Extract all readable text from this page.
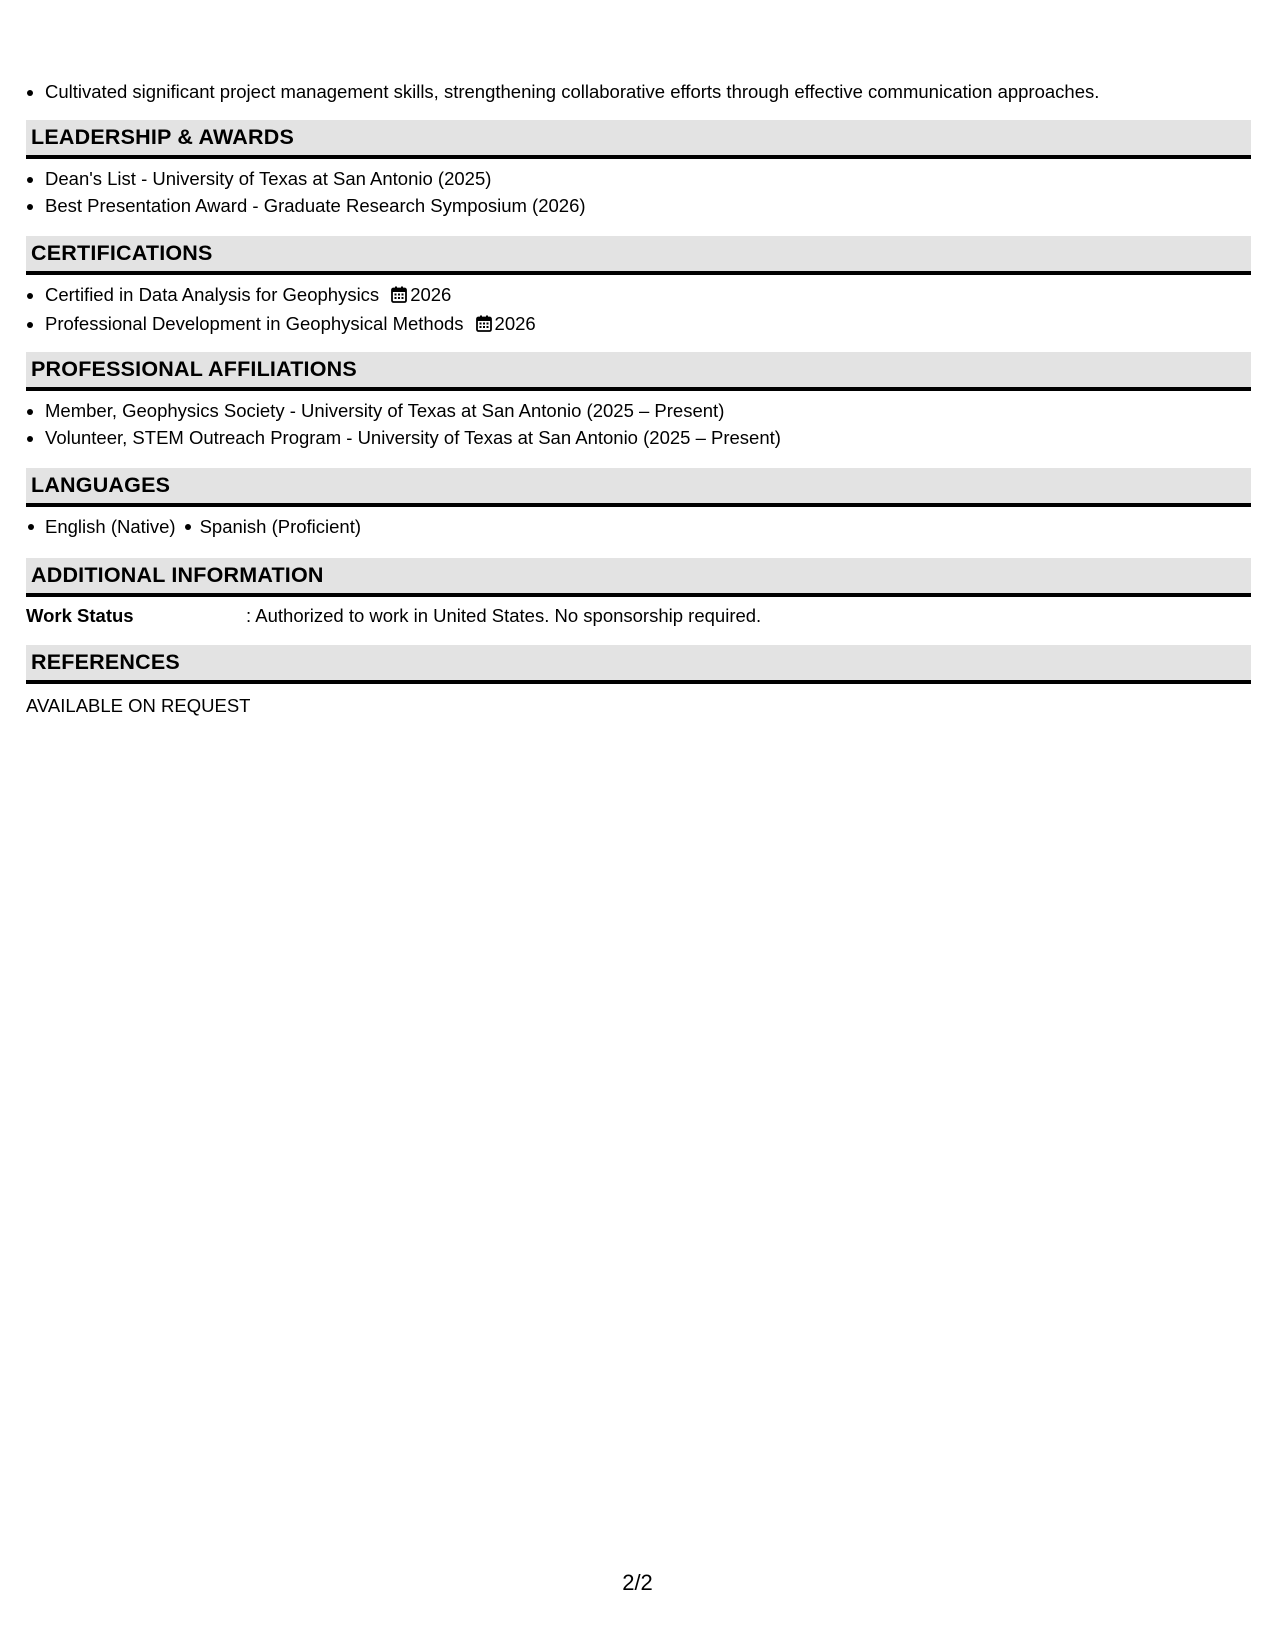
• Cultivated significant project management skills, strengthening collaborative efforts through effective communication approaches.
LEADERSHIP & AWARDS
• Dean's List - University of Texas at San Antonio (2025)
• Best Presentation Award - Graduate Research Symposium (2026)
CERTIFICATIONS
• Certified in Data Analysis for Geophysics 2026
• Professional Development in Geophysical Methods 2026
PROFESSIONAL AFFILIATIONS
• Member, Geophysics Society - University of Texas at San Antonio (2025 – Present)
• Volunteer, STEM Outreach Program - University of Texas at San Antonio (2025 – Present)
LANGUAGES
English (Native) Spanish (Proficient)
ADDITIONAL INFORMATION
Work Status	: Authorized to work in United States. No sponsorship required.
REFERENCES
AVAILABLE ON REQUEST
2/2
